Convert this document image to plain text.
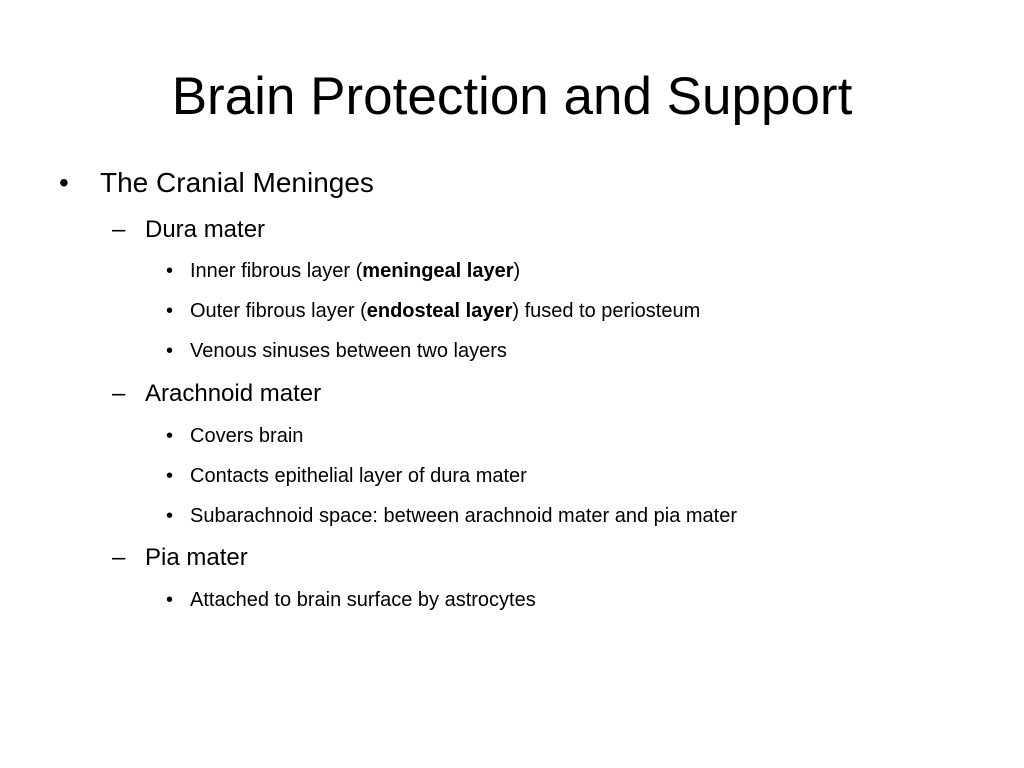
Brain Protection and Support
• The Cranial Meninges
– Dura mater
• Inner fibrous layer (meningeal layer)
• Outer fibrous layer (endosteal layer) fused to periosteum
• Venous sinuses between two layers
– Arachnoid mater
• Covers brain
• Contacts epithelial layer of dura mater
• Subarachnoid space: between arachnoid mater and pia mater
– Pia mater
• Attached to brain surface by astrocytes
